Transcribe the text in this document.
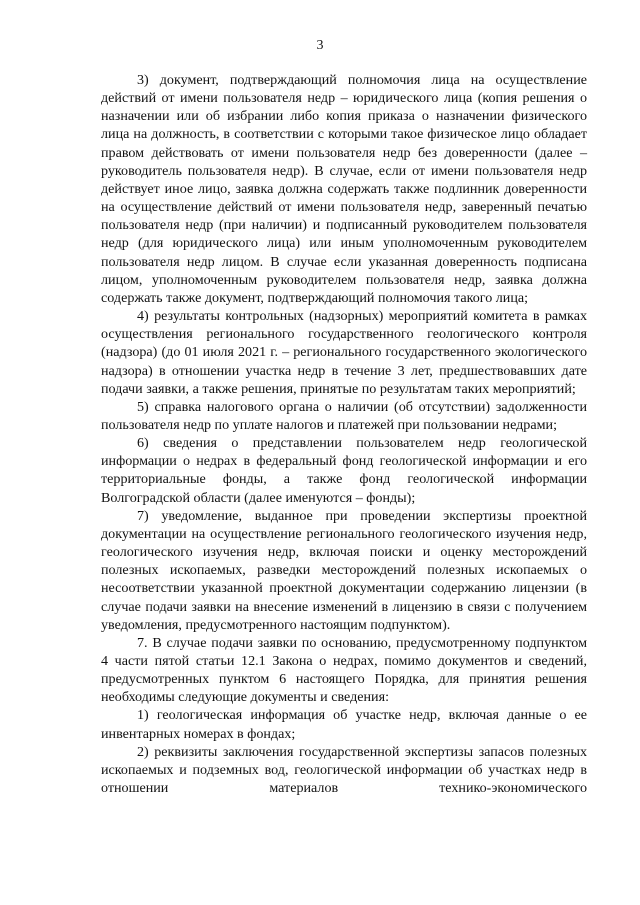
3

3) документ, подтверждающий полномочия лица на осуществление действий от имени пользователя недр – юридического лица (копия решения о назначении или об избрании либо копия приказа о назначении физического лица на должность, в соответствии с которыми такое физическое лицо обладает правом действовать от имени пользователя недр без доверенности (далее – руководитель пользователя недр). В случае, если от имени пользователя недр действует иное лицо, заявка должна содержать также подлинник доверенности на осуществление действий от имени пользователя недр, заверенный печатью пользователя недр (при наличии) и подписанный руководителем пользователя недр (для юридического лица) или иным уполномоченным руководителем пользователя недр лицом. В случае если указанная доверенность подписана лицом, уполномоченным руководителем пользователя недр, заявка должна содержать также документ, подтверждающий полномочия такого лица;

4) результаты контрольных (надзорных) мероприятий комитета в рамках осуществления регионального государственного геологического контроля (надзора) (до 01 июля 2021 г. – регионального государственного экологического надзора) в отношении участка недр в течение 3 лет, предшествовавших дате подачи заявки, а также решения, принятые по результатам таких мероприятий;

5) справка налогового органа о наличии (об отсутствии) задолженности пользователя недр по уплате налогов и платежей при пользовании недрами;

6) сведения о представлении пользователем недр геологической информации о недрах в федеральный фонд геологической информации и его территориальные фонды, а также фонд геологической информации Волгоградской области (далее именуются – фонды);

7) уведомление, выданное при проведении экспертизы проектной документации на осуществление регионального геологического изучения недр, геологического изучения недр, включая поиски и оценку месторождений полезных ископаемых, разведки месторождений полезных ископаемых о несоответствии указанной проектной документации содержанию лицензии (в случае подачи заявки на внесение изменений в лицензию в связи с получением уведомления, предусмотренного настоящим подпунктом).

7. В случае подачи заявки по основанию, предусмотренному подпунктом 4 части пятой статьи 12.1 Закона о недрах, помимо документов и сведений, предусмотренных пунктом 6 настоящего Порядка, для принятия решения необходимы следующие документы и сведения:

1) геологическая информация об участке недр, включая данные о ее инвентарных номерах в фондах;

2) реквизиты заключения государственной экспертизы запасов полезных ископаемых и подземных вод, геологической информации об участках недр в отношении материалов технико-экономического
